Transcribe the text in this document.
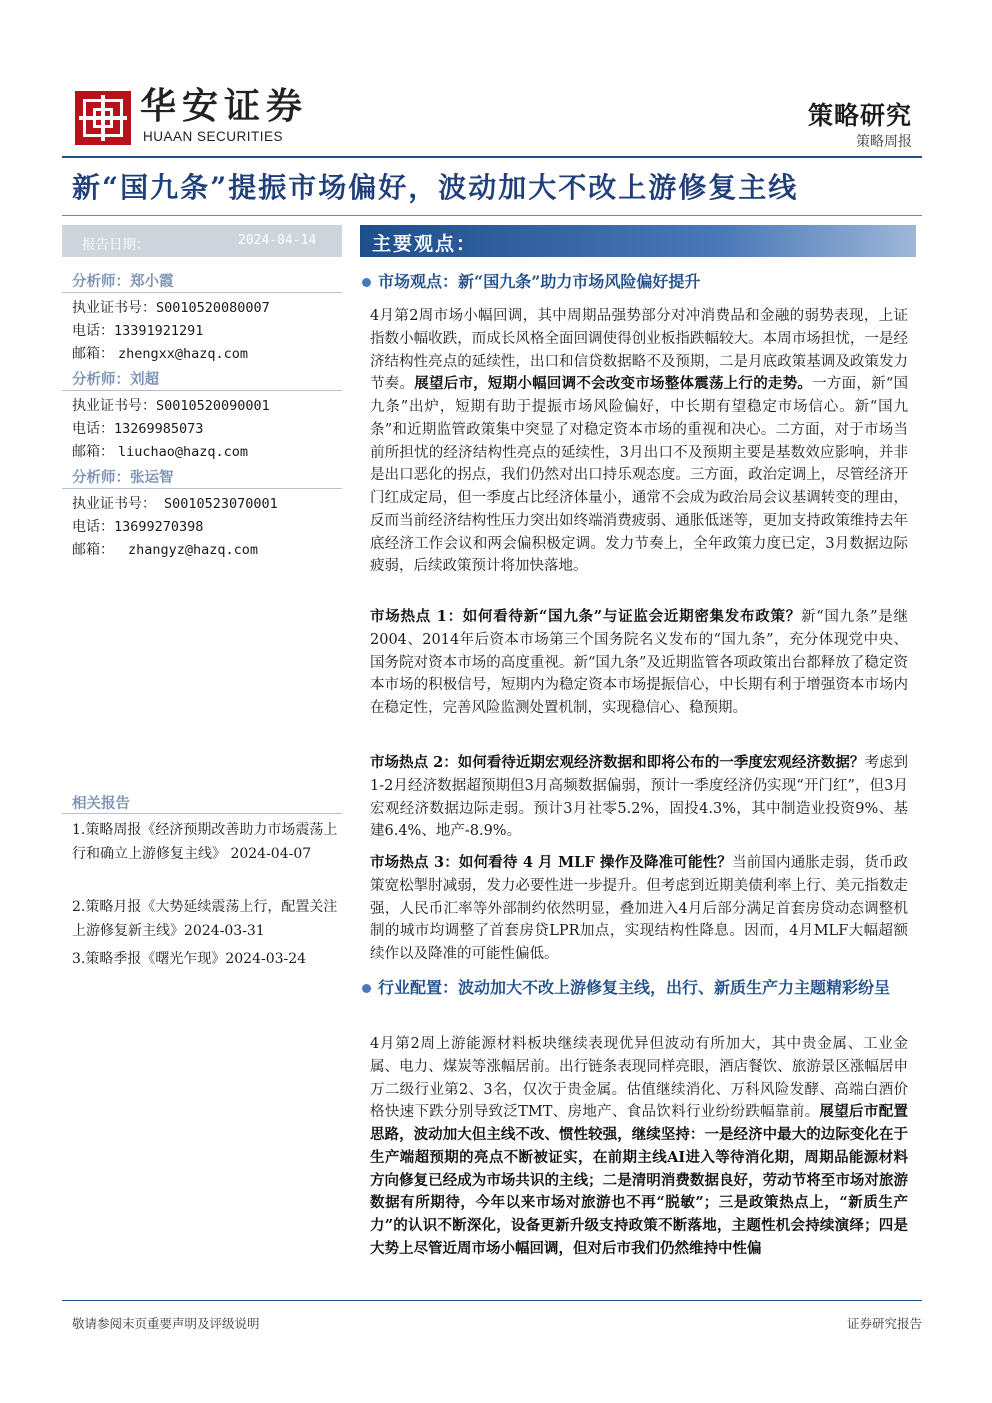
华安证券
HUAAN SECURITIES
策略研究
策略周报
新“国九条”提振市场偏好，波动加大不改上游修复主线
报告日期：	2024-04-14
分析师：郑小霞
执业证书号：S0010520080007
电话：13391921291
邮箱： zhengxx@hazq.com
分析师：刘超
执业证书号：S0010520090001
电话：13269985073
邮箱： liuchao@hazq.com
分析师：张运智
执业证书号： S0010523070001
电话：13699270398
邮箱： zhangyz@hazq.com
相关报告
1.策略周报《经济预期改善助力市场震荡上行和确立上游修复主线》 2024-04-07
2.策略月报《大势延续震荡上行，配置关注上游修复新主线》2024-03-31
3.策略季报《曙光乍现》2024-03-24
主要观点：
市场观点：新“国九条”助力市场风险偏好提升
4月第2周市场小幅回调，其中周期品强势部分对冲消费品和金融的弱势表现，上证指数小幅收跌，而成长风格全面回调使得创业板指跌幅较大。本周市场担忧，一是经济结构性亮点的延续性，出口和信贷数据略不及预期，二是月底政策基调及政策发力节奏。展望后市，短期小幅回调不会改变市场整体震荡上行的走势。一方面，新“国九条”出炉，短期有助于提振市场风险偏好，中长期有望稳定市场信心。新“国九条”和近期监管政策集中突显了对稳定资本市场的重视和决心。二方面，对于市场当前所担忧的经济结构性亮点的延续性，3月出口不及预期主要是基数效应影响，并非是出口恶化的拐点，我们仍然对出口持乐观态度。三方面，政治定调上，尽管经济开门红成定局，但一季度占比经济体量小，通常不会成为政治局会议基调转变的理由，反而当前经济结构性压力突出如终端消费疲弱、通胀低迷等，更加支持政策维持去年底经济工作会议和两会偏积极定调。发力节奏上，全年政策力度已定，3月数据边际疲弱，后续政策预计将加快落地。
市场热点 1：如何看待新“国九条”与证监会近期密集发布政策？新“国九条”是继2004、2014年后资本市场第三个国务院名义发布的“国九条”，充分体现党中央、国务院对资本市场的高度重视。新“国九条”及近期监管各项政策出台都释放了稳定资本市场的积极信号，短期内为稳定资本市场提振信心，中长期有利于增强资本市场内在稳定性，完善风险监测处置机制，实现稳信心、稳预期。
市场热点 2：如何看待近期宏观经济数据和即将公布的一季度宏观经济数据？考虑到1-2月经济数据超预期但3月高频数据偏弱，预计一季度经济仍实现“开门红”，但3月宏观经济数据边际走弱。预计3月社零5.2%，固投4.3%，其中制造业投资9%、基建6.4%、地产-8.9%。
市场热点 3：如何看待 4 月 MLF 操作及降准可能性？当前国内通胀走弱，货币政策宽松掣肘减弱，发力必要性进一步提升。但考虑到近期美债利率上行、美元指数走强，人民币汇率等外部制约依然明显，叠加进入4月后部分满足首套房贷动态调整机制的城市均调整了首套房贷LPR加点，实现结构性降息。因而，4月MLF大幅超额续作以及降准的可能性偏低。
行业配置：波动加大不改上游修复主线，出行、新质生产力主题精彩纷呈
4月第2周上游能源材料板块继续表现优异但波动有所加大，其中贵金属、工业金属、电力、煤炭等涨幅居前。出行链条表现同样亮眼，酒店餐饮、旅游景区涨幅居申万二级行业第2、3名，仅次于贵金属。估值继续消化、万科风险发酵、高端白酒价格快速下跌分别导致泛TMT、房地产、食品饮料行业纷纷跌幅靠前。展望后市配置思路，波动加大但主线不改、惯性较强，继续坚持：一是经济中最大的边际变化在于生产端超预期的亮点不断被证实，在前期主线AI进入等待消化期，周期品能源材料方向修复已经成为市场共识的主线；二是清明消费数据良好，劳动节将至市场对旅游数据有所期待，今年以来市场对旅游也不再“脱敏”；三是政策热点上，“新质生产力”的认识不断深化，设备更新升级支持政策不断落地，主题性机会持续演绎；四是大势上尽管近周市场小幅回调，但对后市我们仍然维持中性偏
敬请参阅末页重要声明及评级说明	证券研究报告
